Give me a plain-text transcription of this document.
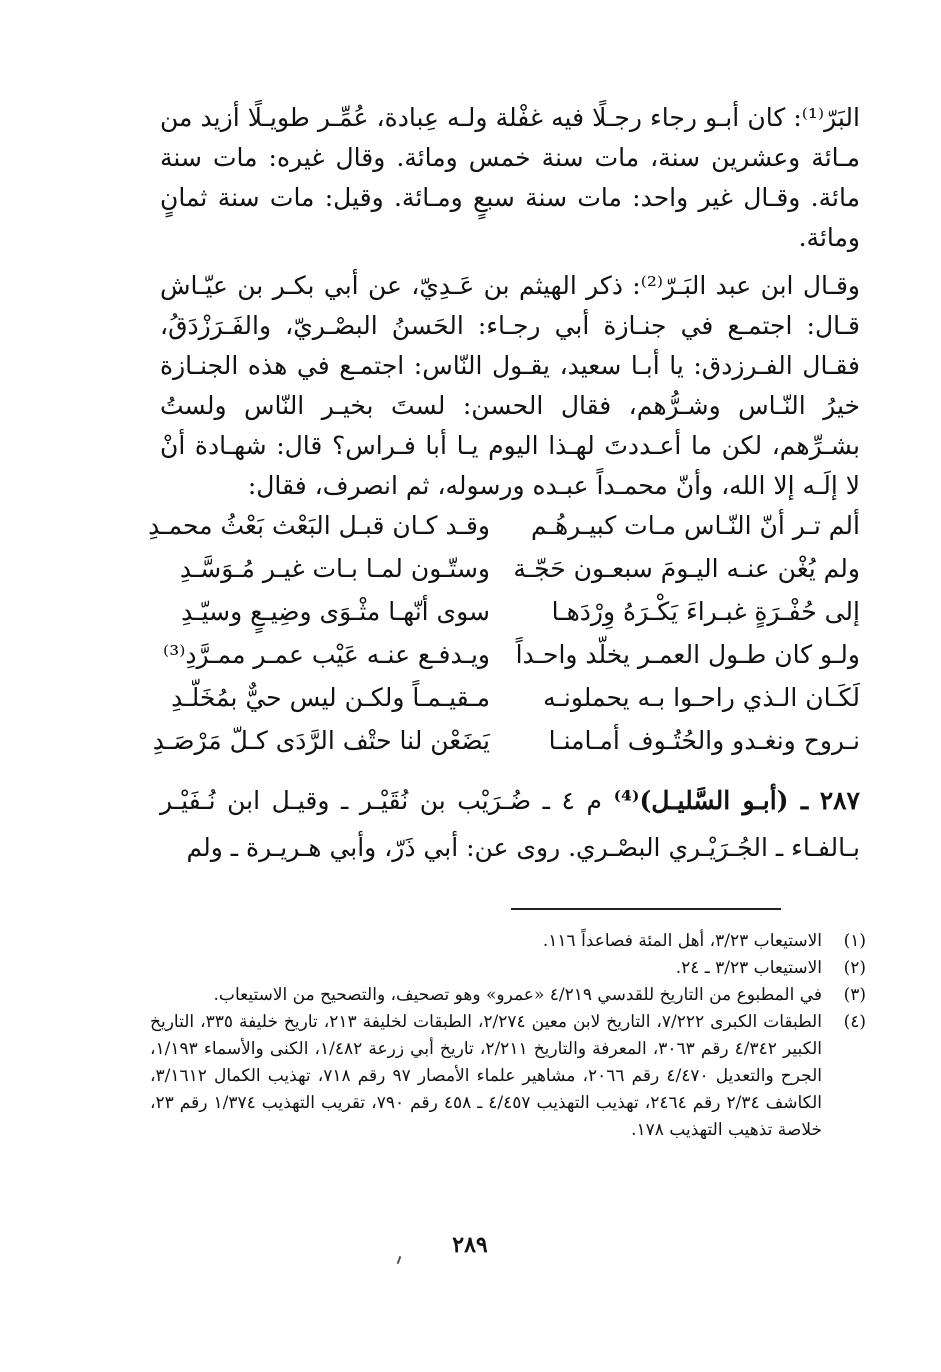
البَرّ⁽¹⁾: كان أبـو رجاء رجـلًا فيه غفْلة ولـه عِبادة، عُمِّـر طويـلًا أزيد من مـائة وعشرين سنة، مات سنة خمس ومائة. وقال غيره: مات سنة مائة. وقـال غير واحد: مات سنة سبعٍ ومـائة. وقيل: مات سنة ثمانٍ ومائة.

وقـال ابن عبد البَـرّ⁽²⁾: ذكر الهيثم بن عَـدِيّ، عن أبي بكـر بن عيّـاش قـال: اجتمـع في جنـازة أبي رجـاء: الحَسنُ البصْـريّ، والفَـرَزْدَقُ، فقـال الفـرزدق: يا أبـا سعيد، يقـول النّاس: اجتمـع في هذه الجنـازة خيرُ النّـاس وشـرُّهم، فقال الحسن: لستَ بخيـر النّاس ولستُ بشـرِّهم، لكن ما أعـددتَ لهـذا اليوم يـا أبا فـراس؟ قال: شهـادة أنْ لا إلَـه إلا الله، وأنّ محمـداً عبـده ورسوله، ثم انصرف، فقال:

ألم تـر أنّ النّـاس مـات كبيـرهُـم
وقـد كـان قبـل البَعْث بَعْثُ محمـدِ
ولم يُغْن عنـه اليـومَ سبعـون حَجّـة
وستّـون لمـا بـات غيـر مُـوَسَّـدِ
إلى حُفْـرَةٍ غبـراءَ يَكْـرَهُ وِرْدَهـا
سوى أنّهـا مثْـوَى وضِيـعٍ وسيّـدِ
ولـو كان طـول العمـر يخلّد واحـداً
ويـدفـع عنـه عَيْب عمـر ممـرَّدِ⁽³⁾
لَكَـان الـذي راحـوا بـه يحملونـه
مـقيـمـاً ولكـن ليس حيٌّ بمُخَلّـدِ
نـروح ونغـدو والحُتُـوف أمـامنـا
يَضَعْن لنا حتْف الرَّدَى كـلّ مَرْصَـدِ
٢٨٧ ـ (أبـو السَّليـل)⁽⁴⁾ م ٤ ـ ضُـرَيْب بن نُقَيْـر ـ وقيـل ابن نُـفَيْـر بـالفـاء ـ الجُـرَيْـري البصْـري. روى عن: أبي ذَرّ، وأبي هـريـرة ـ ولم
(١)
الاستيعاب ٣/٢٣، أهل المئة فصاعداً ١١٦.
(٢)
الاستيعاب ٣/٢٣ ـ ٢٤.
(٣)
في المطبوع من التاريخ للقدسي ٤/٢١٩ «عمرو» وهو تصحيف، والتصحيح من الاستيعاب.
(٤)
الطبقات الكبرى ٧/٢٢٢، التاريخ لابن معين ٢/٢٧٤، الطبقات لخليفة ٢١٣، تاريخ خليفة ٣٣٥، التاريخ الكبير ٤/٣٤٢ رقم ٣٠٦٣، المعرفة والتاريخ ٢/٢١١، تاريخ أبي زرعة ١/٤٨٢، الكنى والأسماء ١/١٩٣، الجرح والتعديل ٤/٤٧٠ رقم ٢٠٦٦، مشاهير علماء الأمصار ٩٧ رقم ٧١٨، تهذيب الكمال ٣/١٦١٢، الكاشف ٢/٣٤ رقم ٢٤٦٤، تهذيب التهذيب ٤/٤٥٧ ـ ٤٥٨ رقم ٧٩٠، تقريب التهذيب ١/٣٧٤ رقم ٢٣، خلاصة تذهيب التهذيب ١٧٨.
٢٨٩
